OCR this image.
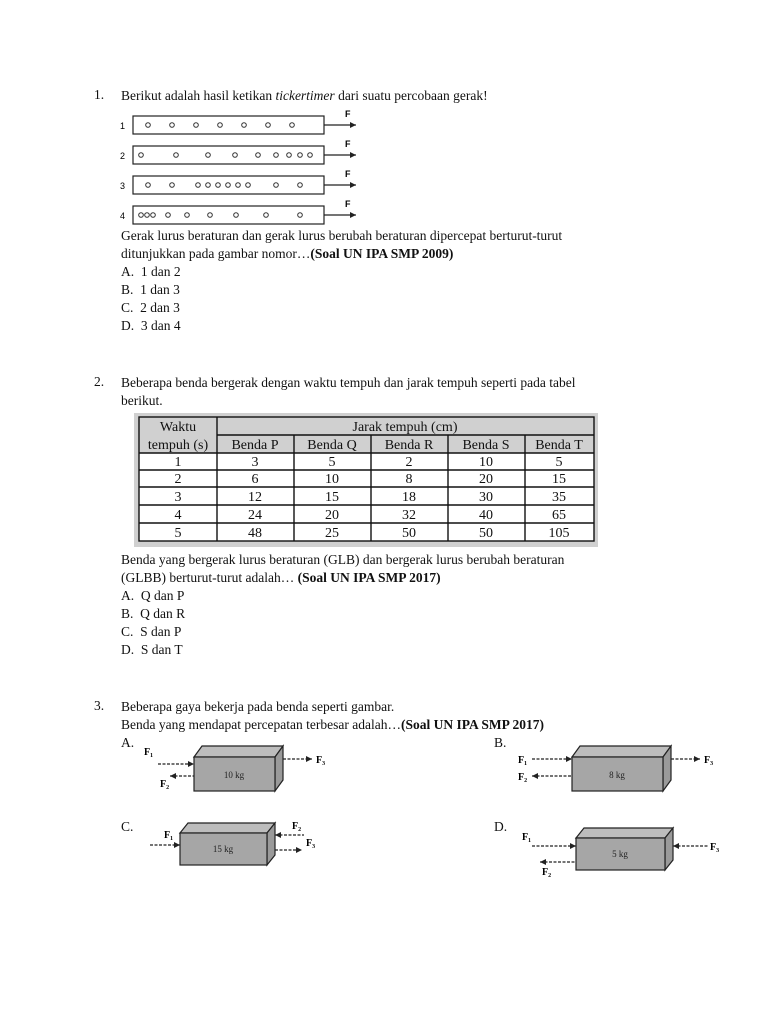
1. Berikut adalah hasil ketikan tickertimer dari suatu percobaan gerak!
1
F
2
F
3
F
4
F
Gerak lurus beraturan dan gerak lurus berubah beraturan dipercepat berturut-turut
ditunjukkan pada gambar nomor…(Soal UN IPA SMP 2009)
A. 1 dan 2
B. 1 dan 3
C. 2 dan 3
D. 3 dan 4
2. Beberapa benda bergerak dengan waktu tempuh dan jarak tempuh seperti pada tabel
berikut.
Waktu
tempuh (s)
Jarak tempuh (cm)
Benda P Benda Q Benda R Benda S Benda T
1	3	5	2	10	5
2	6	10	8	20	15
3	12	15	18	30	35
4	24	20	32	40	65
5	48	25	50	50	105
Benda yang bergerak lurus beraturan (GLB) dan bergerak lurus berubah beraturan
(GLBB) berturut-turut adalah… (Soal UN IPA SMP 2017)
A. Q dan P
B. Q dan R
C. S dan P
D. S dan T
3. Beberapa gaya bekerja pada benda seperti gambar.
Benda yang mendapat percepatan terbesar adalah…(Soal UN IPA SMP 2017)
A.
10 kg
F₁
F₂
F₃
B.
8 kg
F₁
F₂
F₃
C.
15 kg
F₁
F₂
F₃
D.
5 kg
F₁
F₂
F₃
